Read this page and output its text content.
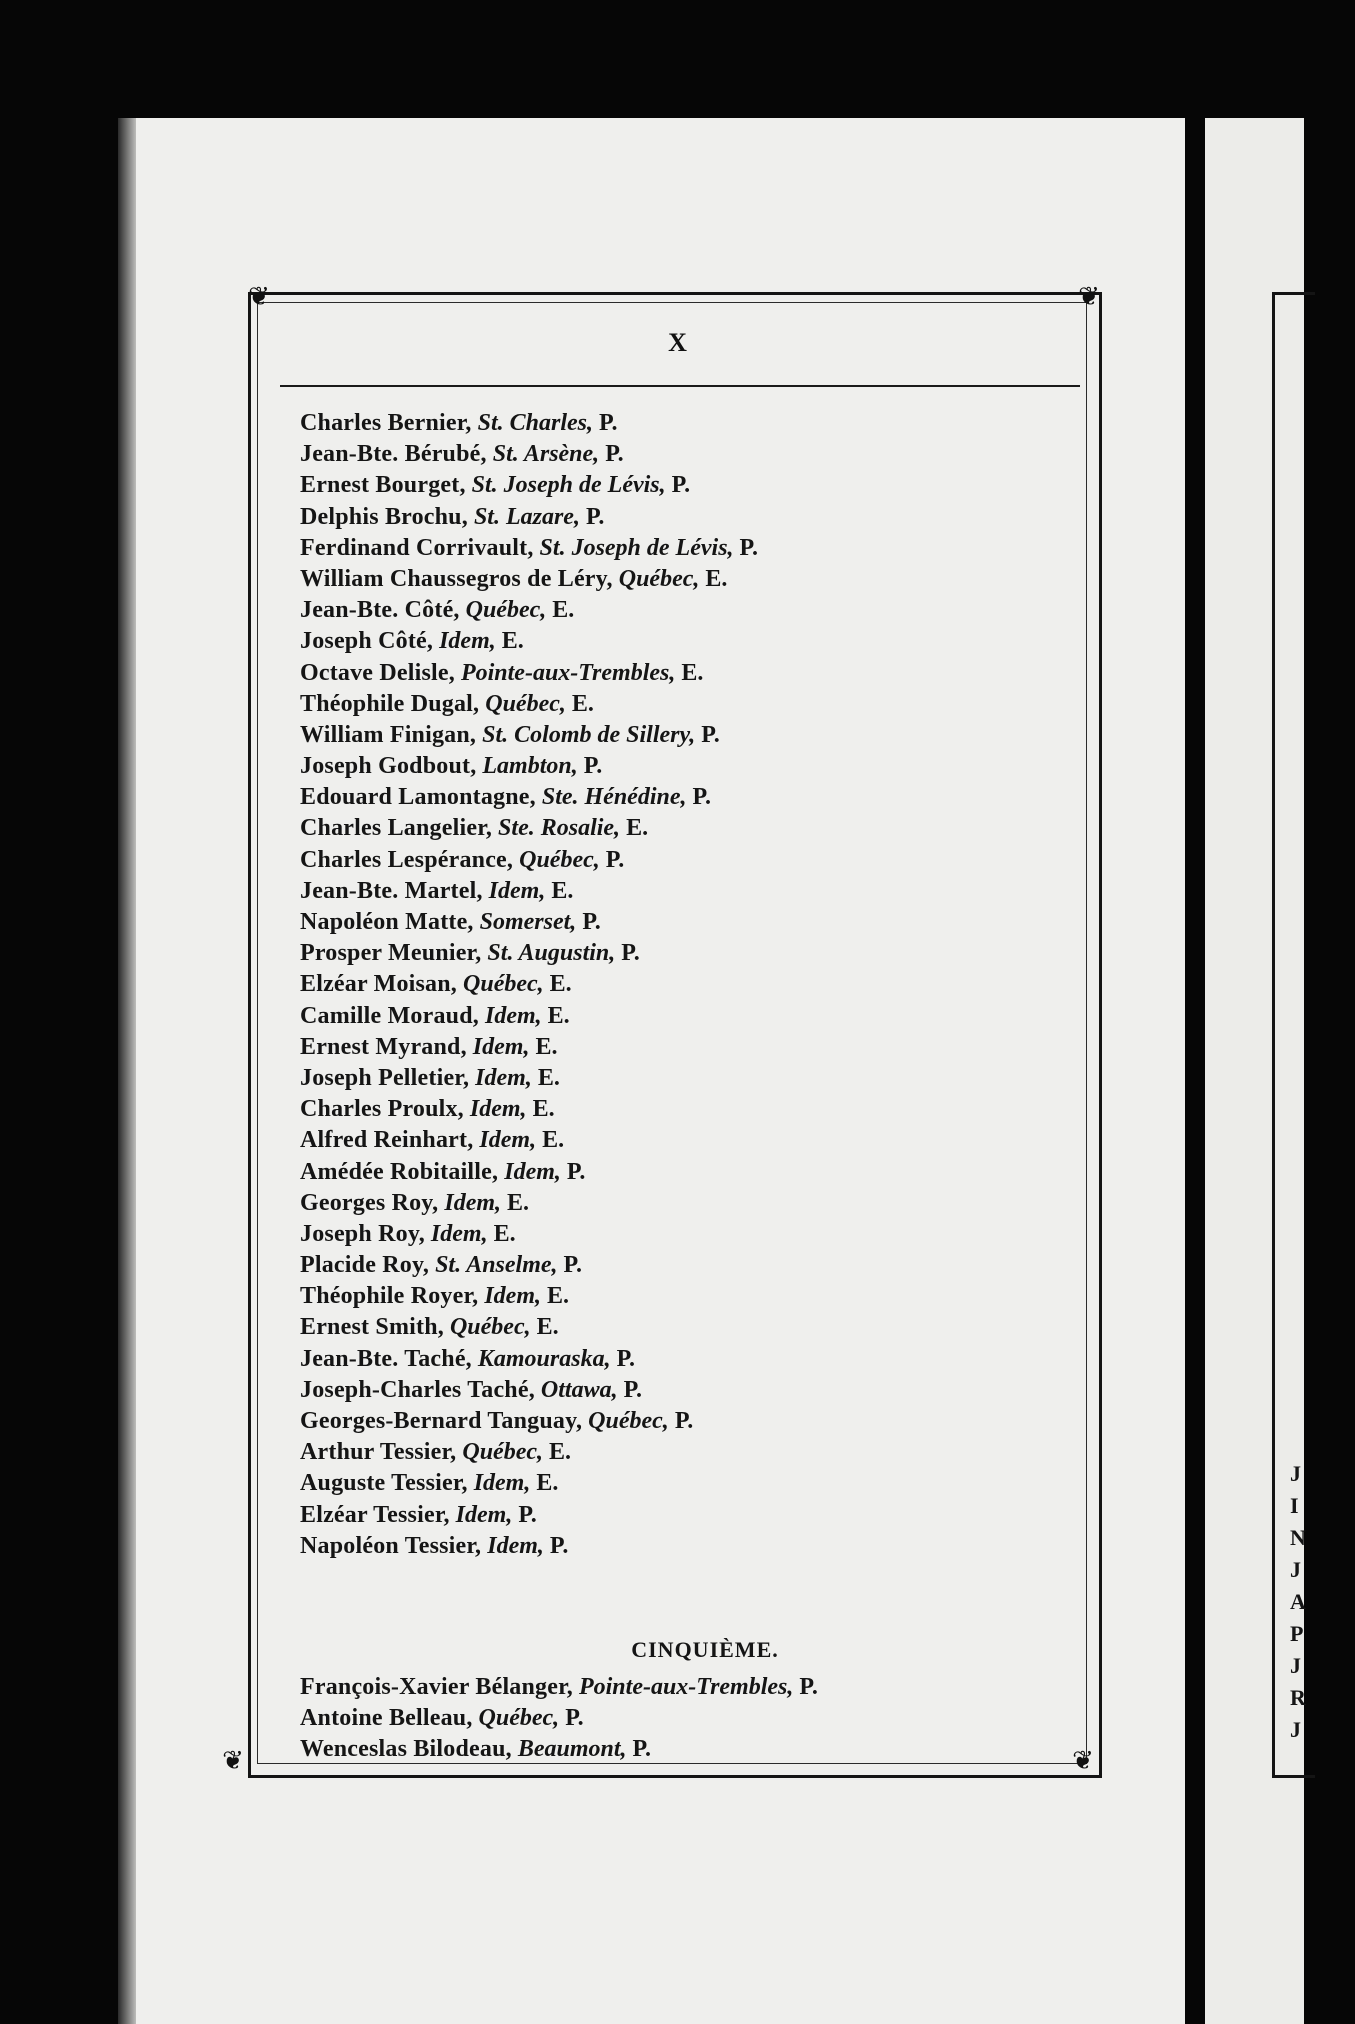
❦	❦
❦	❦
X
Charles Bernier, St. Charles, P.
Jean-Bte. Bérubé, St. Arsène, P.
Ernest Bourget, St. Joseph de Lévis, P.
Delphis Brochu, St. Lazare, P.
Ferdinand Corrivault, St. Joseph de Lévis, P.
William Chaussegros de Léry, Québec, E.
Jean-Bte. Côté, Québec, E.
Joseph Côté, Idem, E.
Octave Delisle, Pointe-aux-Trembles, E.
Théophile Dugal, Québec, E.
William Finigan, St. Colomb de Sillery, P.
Joseph Godbout, Lambton, P.
Edouard Lamontagne, Ste. Hénédine, P.
Charles Langelier, Ste. Rosalie, E.
Charles Lespérance, Québec, P.
Jean-Bte. Martel, Idem, E.
Napoléon Matte, Somerset, P.
Prosper Meunier, St. Augustin, P.
Elzéar Moisan, Québec, E.
Camille Moraud, Idem, E.
Ernest Myrand, Idem, E.
Joseph Pelletier, Idem, E.
Charles Proulx, Idem, E.
Alfred Reinhart, Idem, E.
Amédée Robitaille, Idem, P.
Georges Roy, Idem, E.
Joseph Roy, Idem, E.
Placide Roy, St. Anselme, P.
Théophile Royer, Idem, E.
Ernest Smith, Québec, E.
Jean-Bte. Taché, Kamouraska, P.
Joseph-Charles Taché, Ottawa, P.
Georges-Bernard Tanguay, Québec, P.
Arthur Tessier, Québec, E.
Auguste Tessier, Idem, E.
Elzéar Tessier, Idem, P.
Napoléon Tessier, Idem, P.
CINQUIÈME.
François-Xavier Bélanger, Pointe-aux-Trembles, P.
Antoine Belleau, Québec, P.
Wenceslas Bilodeau, Beaumont, P.
J
I
N
J
A
P
J
R
J
